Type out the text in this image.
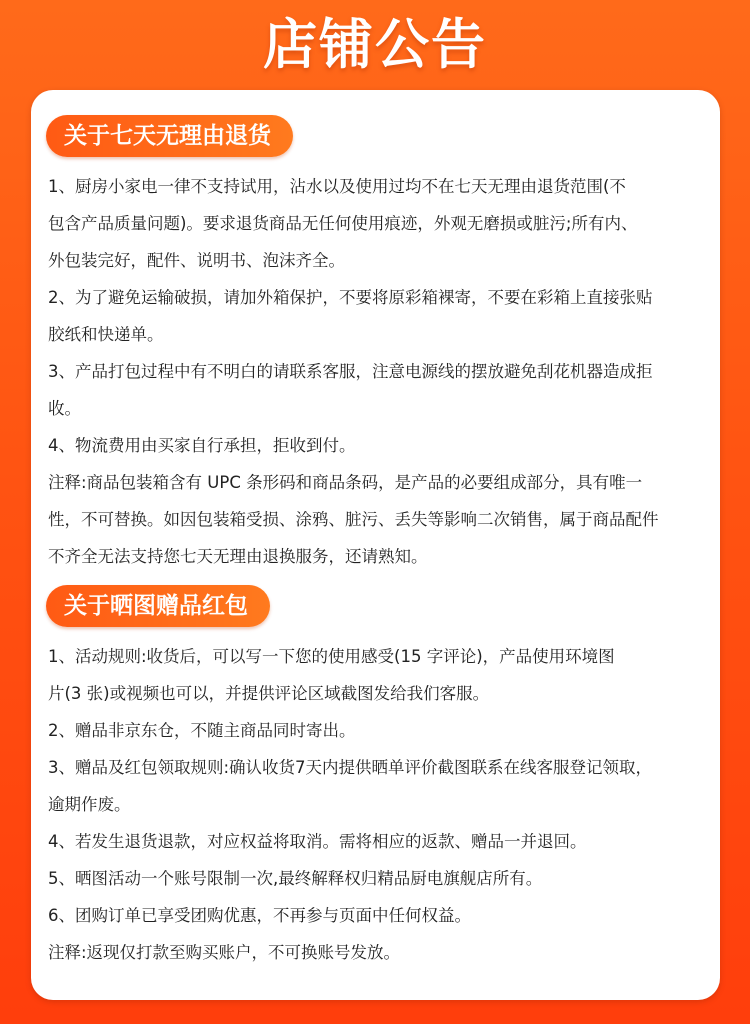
店铺公告
关于七天无理由退货
1、厨房小家电一律不支持试用，沾水以及使用过均不在七天无理由退货范围(不
包含产品质量问题)。要求退货商品无任何使用痕迹，外观无磨损或脏污;所有内、
外包装完好，配件、说明书、泡沫齐全。
2、为了避免运输破损，请加外箱保护，不要将原彩箱裸寄，不要在彩箱上直接张贴
胶纸和快递单。
3、产品打包过程中有不明白的请联系客服，注意电源线的摆放避免刮花机器造成拒
收。
4、物流费用由买家自行承担，拒收到付。
注释:商品包装箱含有 UPC 条形码和商品条码，是产品的必要组成部分，具有唯一
性，不可替换。如因包装箱受损、涂鸦、脏污、丢失等影响二次销售，属于商品配件
不齐全无法支持您七天无理由退换服务，还请熟知。
关于晒图赠品红包
1、活动规则:收货后，可以写一下您的使用感受(15 字评论)，产品使用环境图
片(3 张)或视频也可以，并提供评论区域截图发给我们客服。
2、赠品非京东仓，不随主商品同时寄出。
3、赠品及红包领取规则:确认收货7天内提供晒单评价截图联系在线客服登记领取，
逾期作废。
4、若发生退货退款，对应权益将取消。需将相应的返款、赠品一并退回。
5、晒图活动一个账号限制一次,最终解释权归精品厨电旗舰店所有。
6、团购订单已享受团购优惠，不再参与页面中任何权益。
注释:返现仅打款至购买账户，不可换账号发放。
